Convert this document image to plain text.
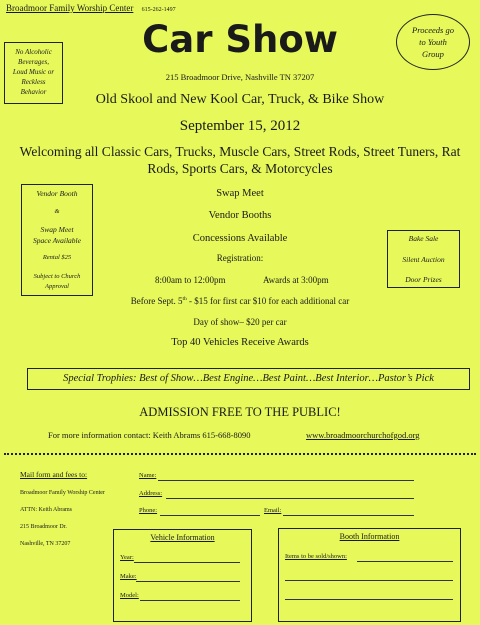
Broadmoor Family Worship Center 615-262-1497
Car Show
215 Broadmoor Drive, Nashville TN 37207
No Alcoholic
Beverages,
Loud Music or
Reckless
Behavior
Proceeds go
to Youth
Group
Old Skool and New Kool Car, Truck, & Bike Show
September 15, 2012
Welcoming all Classic Cars, Trucks, Muscle Cars, Street Rods, Street Tuners, Rat
Rods, Sports Cars, & Motorcycles
Vendor Booth
&
Swap Meet
Space Available
Rental $25
Subject to Church
Approval
Swap Meet
Vendor Booths
Concessions Available
Registration:
8:00am to 12:00pm	Awards at 3:00pm
Before Sept. 5th - $15 for first car $10 for each additional car
Day of show– $20 per car
Top 40 Vehicles Receive Awards
Bake Sale
Silent Auction
Door Prizes
Special Trophies: Best of Show…Best Engine…Best Paint…Best Interior…Pastor’s Pick
ADMISSION FREE TO THE PUBLIC!
For more information contact: Keith Abrams 615-668-8090	www.broadmoorchurchofgod.org
Mail form and fees to:
Broadmoor Family Worship Center
ATTN: Keith Abrams
215 Broadmoor Dr.
Nashville, TN 37207
Name:
Address:
Phone:	Email:
Vehicle Information
Year:
Make:
Model:
Booth Information
Items to be sold/shown:
